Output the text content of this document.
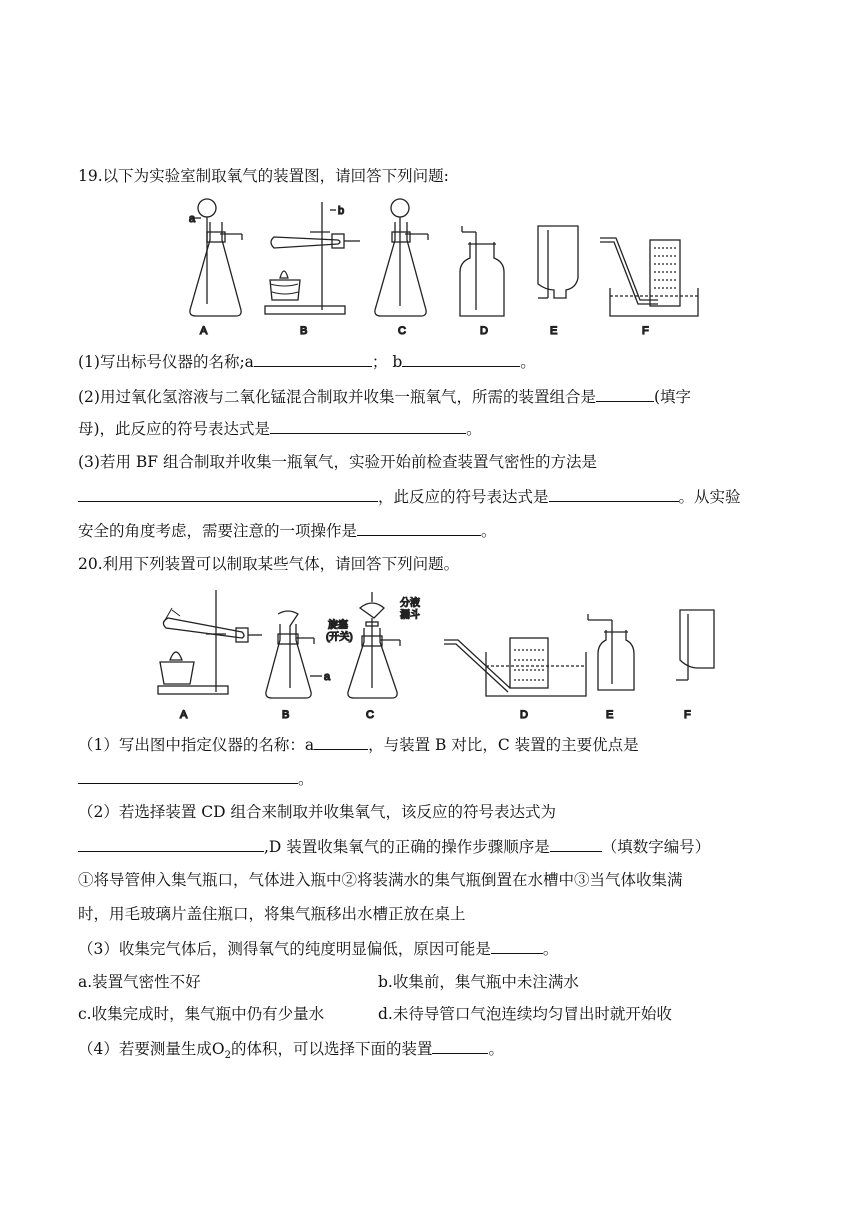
19.以下为实验室制取氧气的装置图，请回答下列问题:
a
b
A	B	C	D	E	F
(1)写出标号仪器的名称;a	； b	。
(2)用过氧化氢溶液与二氧化锰混合制取并收集一瓶氧气，所需的装置组合是	(填字
母)，此反应的符号表达式是	。
(3)若用 BF 组合制取并收集一瓶氧气，实验开始前检查装置气密性的方法是
，此反应的符号表达式是	。从实验
安全的角度考虑，需要注意的一项操作是	。
20.利用下列装置可以制取某些气体，请回答下列问题。
a
旋塞
(开关)
分液
漏斗
A	B	C	D	E	F
（1）写出图中指定仪器的名称：a	，与装置 B 对比，C 装置的主要优点是
。
（2）若选择装置 CD 组合来制取并收集氧气，该反应的符号表达式为
,D 装置收集氧气的正确的操作步骤顺序是	（填数字编号）
①将导管伸入集气瓶口，气体进入瓶中②将装满水的集气瓶倒置在水槽中③当气体收集满
时，用毛玻璃片盖住瓶口，将集气瓶移出水槽正放在桌上
（3）收集完气体后，测得氧气的纯度明显偏低，原因可能是	。
a.装置气密性不好	b.收集前，集气瓶中未注满水
c.收集完成时，集气瓶中仍有少量水	d.未待导管口气泡连续均匀冒出时就开始收
（4）若要测量生成$O_2$的体积，可以选择下面的装置	。
